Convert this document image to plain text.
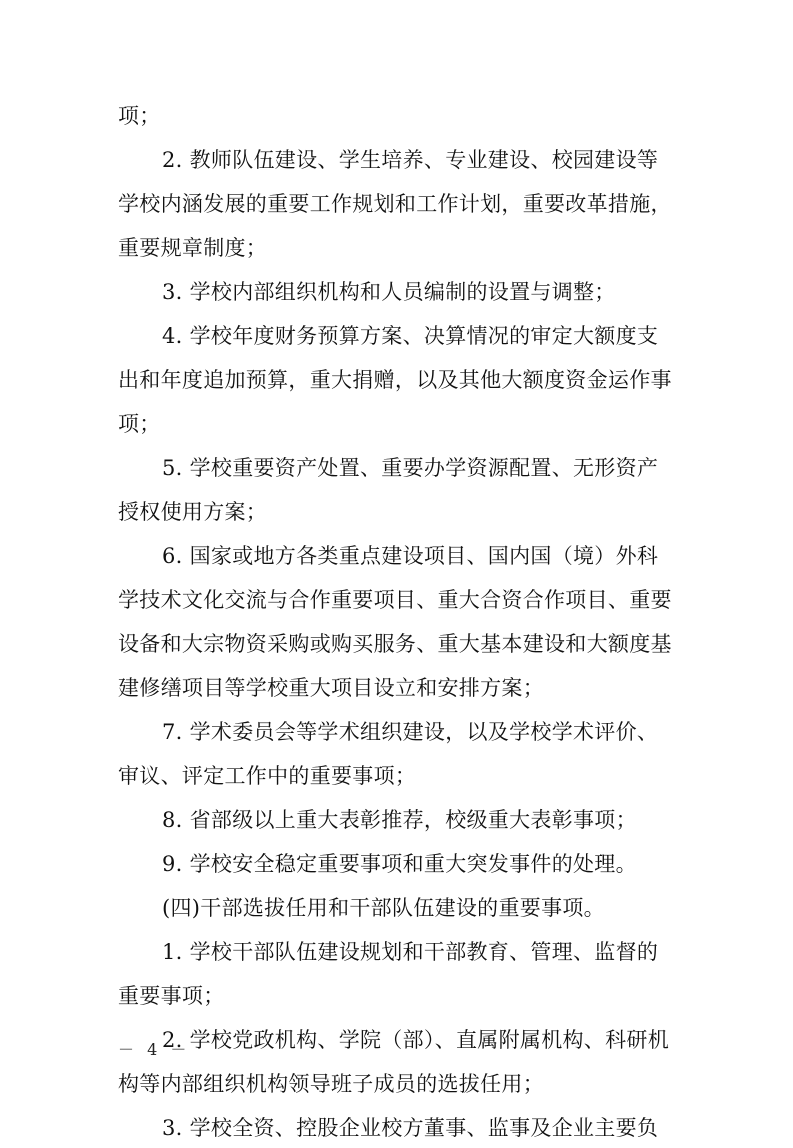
项；
2. 教师队伍建设、学生培养、专业建设、校园建设等
学校内涵发展的重要工作规划和工作计划，重要改革措施，
重要规章制度；
3. 学校内部组织机构和人员编制的设置与调整；
4. 学校年度财务预算方案、决算情况的审定大额度支
出和年度追加预算，重大捐赠，以及其他大额度资金运作事
项；
5. 学校重要资产处置、重要办学资源配置、无形资产
授权使用方案；
6. 国家或地方各类重点建设项目、国内国（境）外科
学技术文化交流与合作重要项目、重大合资合作项目、重要
设备和大宗物资采购或购买服务、重大基本建设和大额度基
建修缮项目等学校重大项目设立和安排方案；
7. 学术委员会等学术组织建设，以及学校学术评价、
审议、评定工作中的重要事项；
8. 省部级以上重大表彰推荐，校级重大表彰事项；
9. 学校安全稳定重要事项和重大突发事件的处理。
(四)干部选拔任用和干部队伍建设的重要事项。
1. 学校干部队伍建设规划和干部教育、管理、监督的
重要事项；
2. 学校党政机构、学院（部）、直属附属机构、科研机
构等内部组织机构领导班子成员的选拔任用；
3. 学校全资、控股企业校方董事、监事及企业主要负
－ 4 －
